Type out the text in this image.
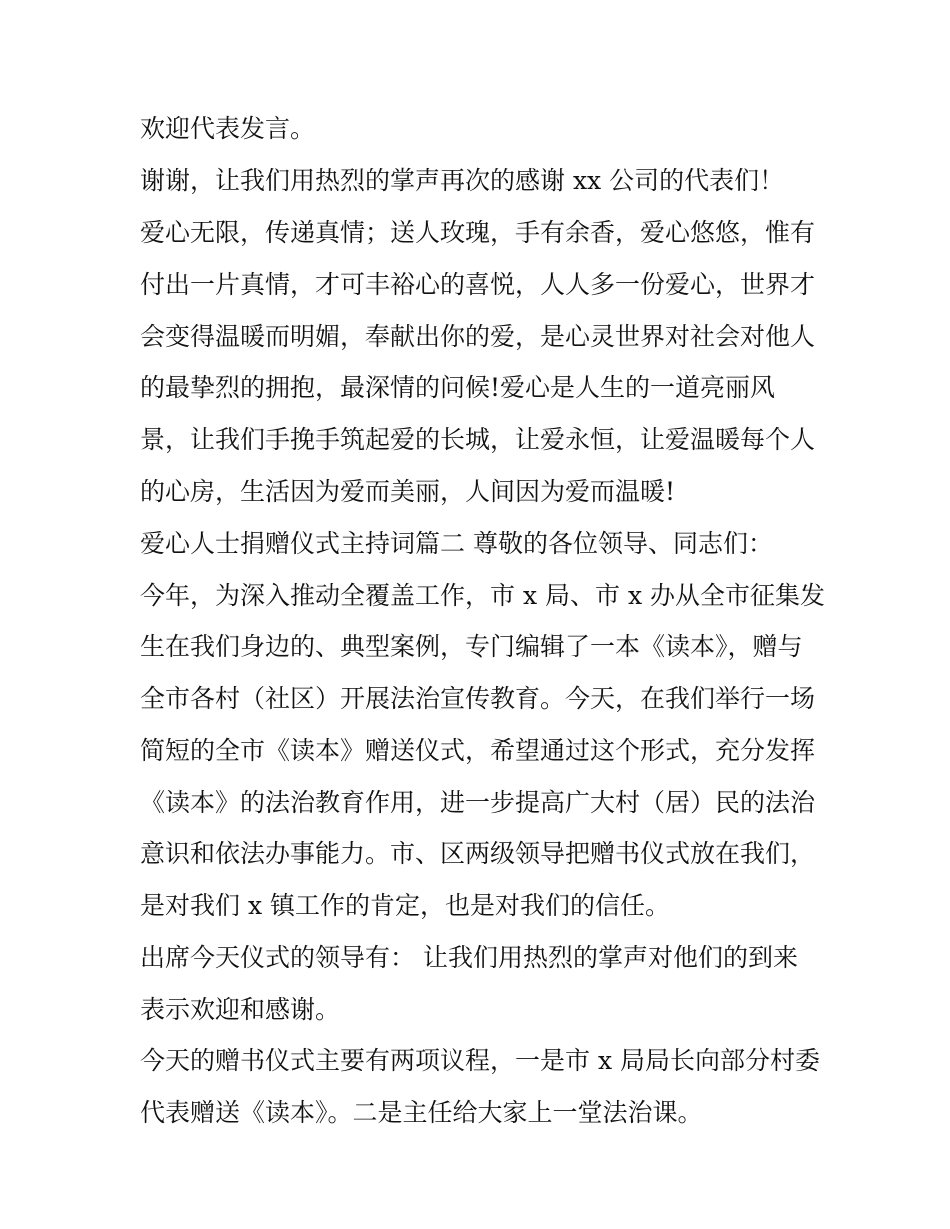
欢迎代表发言。
谢谢，让我们用热烈的掌声再次的感谢 xx 公司的代表们！
爱心无限，传递真情；送人玫瑰，手有余香，爱心悠悠，惟有
付出一片真情，才可丰裕心的喜悦，人人多一份爱心，世界才
会变得温暖而明媚，奉献出你的爱，是心灵世界对社会对他人
的最挚烈的拥抱，最深情的问候!爱心是人生的一道亮丽风
景，让我们手挽手筑起爱的长城，让爱永恒，让爱温暖每个人
的心房，生活因为爱而美丽，人间因为爱而温暖!
爱心人士捐赠仪式主持词篇二 尊敬的各位领导、同志们：
今年，为深入推动全覆盖工作，市 x 局、市 x 办从全市征集发
生在我们身边的、典型案例，专门编辑了一本《读本》，赠与
全市各村（社区）开展法治宣传教育。今天，在我们举行一场
简短的全市《读本》赠送仪式，希望通过这个形式，充分发挥
《读本》的法治教育作用，进一步提高广大村（居）民的法治
意识和依法办事能力。市、区两级领导把赠书仪式放在我们，
是对我们 x 镇工作的肯定，也是对我们的信任。
出席今天仪式的领导有： 让我们用热烈的掌声对他们的到来
表示欢迎和感谢。
今天的赠书仪式主要有两项议程，一是市 x 局局长向部分村委
代表赠送《读本》。二是主任给大家上一堂法治课。
